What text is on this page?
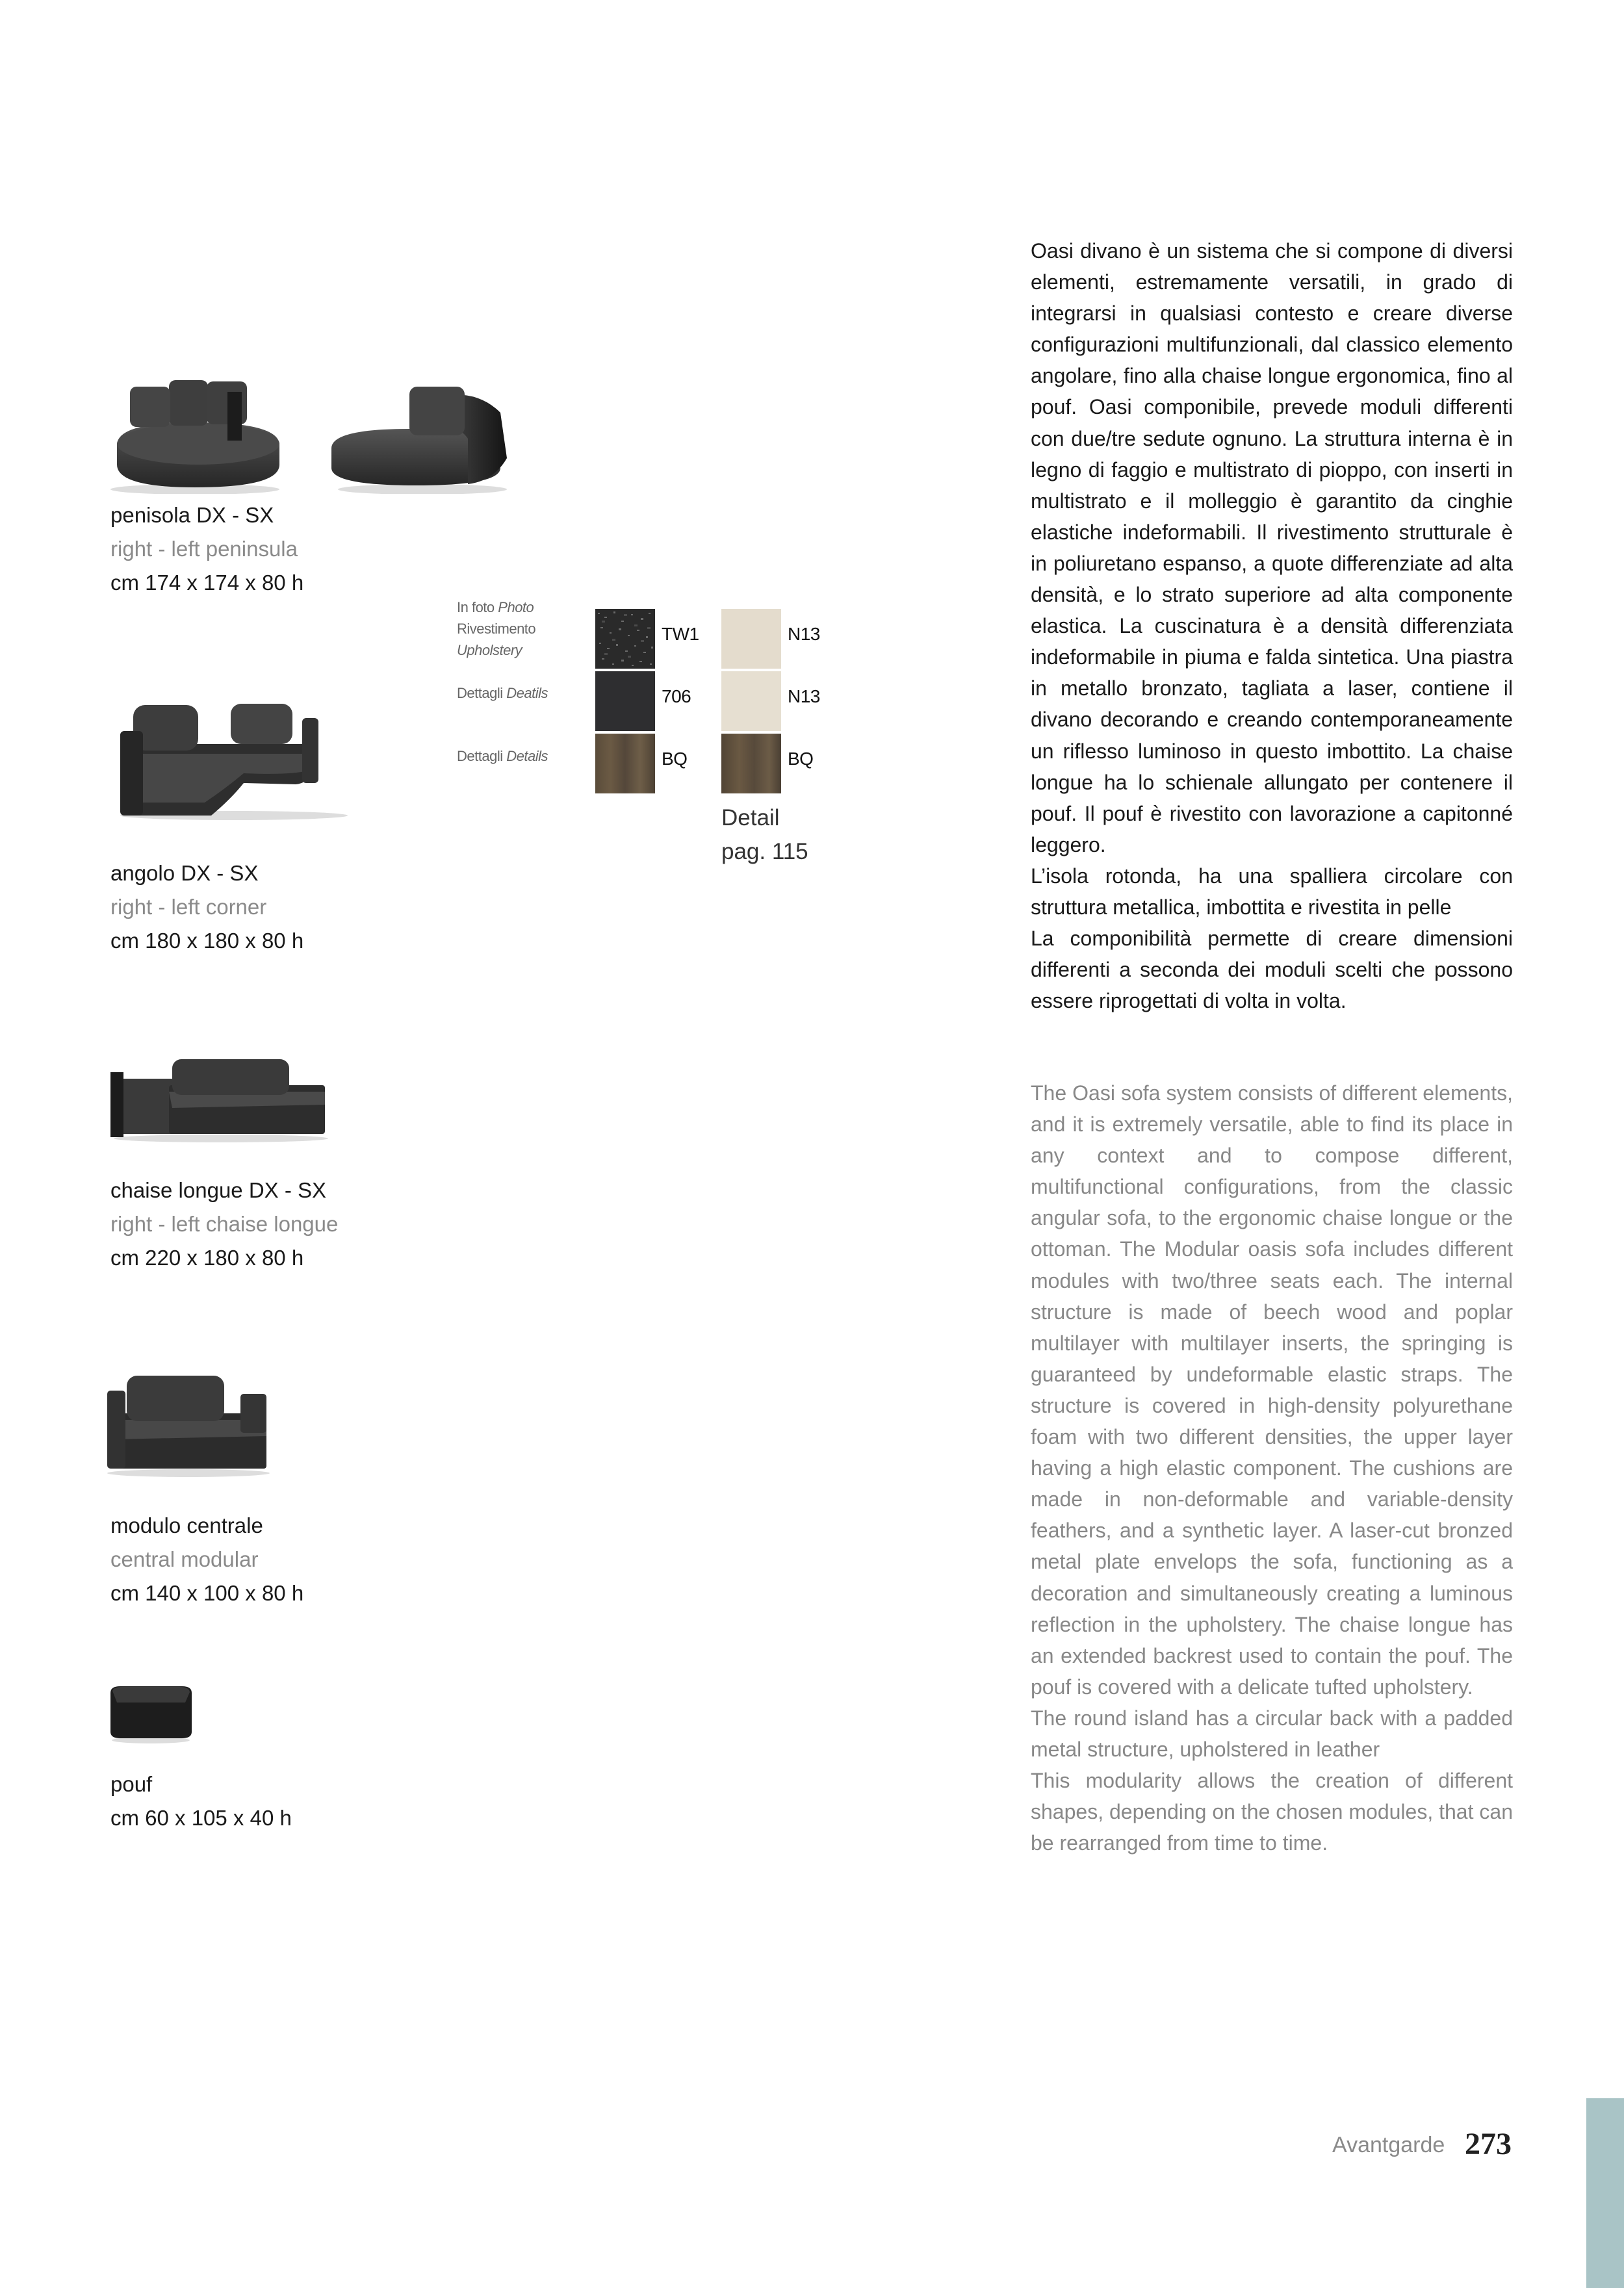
penisola DX - SX
right - left peninsula
cm 174 x 174 x 80 h
angolo DX - SX
right - left corner
cm 180 x 180 x 80 h
chaise longue DX - SX
right - left chaise longue
cm 220 x 180 x 80 h
modulo centrale
central modular
cm 140 x 100 x 80 h
pouf
cm 60 x 105 x 40 h
In foto Photo
Rivestimento
Upholstery
Dettagli Deatils
Dettagli Details
TW1
706
BQ
N13
N13
BQ
Detail
pag. 115

Oasi divano è un sistema che si compone di diversi elementi, estremamente versatili, in grado di integrarsi in qualsiasi contesto e creare diverse configurazioni multifunzionali, dal classico elemento angolare, fino alla chaise longue ergonomica, fino al pouf. Oasi componibile, prevede moduli differenti con due/tre sedute ognuno. La struttura interna è in legno di faggio e multistrato di pioppo, con inserti in multistrato e il molleggio è garantito da cinghie elastiche indeformabili. Il rivestimento strutturale è in poliuretano espanso, a quote differenziate ad alta densità, e lo strato superiore ad alta componente elastica. La cuscinatura è a densità differenziata indeformabile in piuma e falda sintetica. Una piastra in metallo bronzato, tagliata a laser, contiene il divano decorando e creando contemporaneamente un riflesso luminoso in questo imbottito. La chaise longue ha lo schienale allungato per contenere il pouf. Il pouf è rivestito con lavorazione a capitonné leggero.

L’isola rotonda, ha una spalliera circolare con struttura metallica, imbottita e rivestita in pelle

La componibilità permette di creare dimensioni differenti a seconda dei moduli scelti che possono essere riprogettati di volta in volta.

The Oasi sofa system consists of different elements, and it is extremely versatile, able to find its place in any context and to compose different, multifunctional configurations, from the classic angular sofa, to the ergonomic chaise longue or the ottoman. The Modular oasis sofa includes different modules with two/three seats each. The internal structure is made of beech wood and poplar multilayer with multilayer inserts, the springing is guaranteed by undeformable elastic straps. The structure is covered in high-density polyurethane foam with two different densities, the upper layer having a high elastic component. The cushions are made in non-deformable and variable-density feathers, and a synthetic layer. A laser-cut bronzed metal plate envelops the sofa, functioning as a decoration and simultaneously creating a luminous reflection in the upholstery. The chaise longue has an extended backrest used to contain the pouf. The pouf is covered with a delicate tufted upholstery.

The round island has a circular back with a padded metal structure, upholstered in leather

This modularity allows the creation of different shapes, depending on the chosen modules, that can be rearranged from time to time.

Avantgarde 273
